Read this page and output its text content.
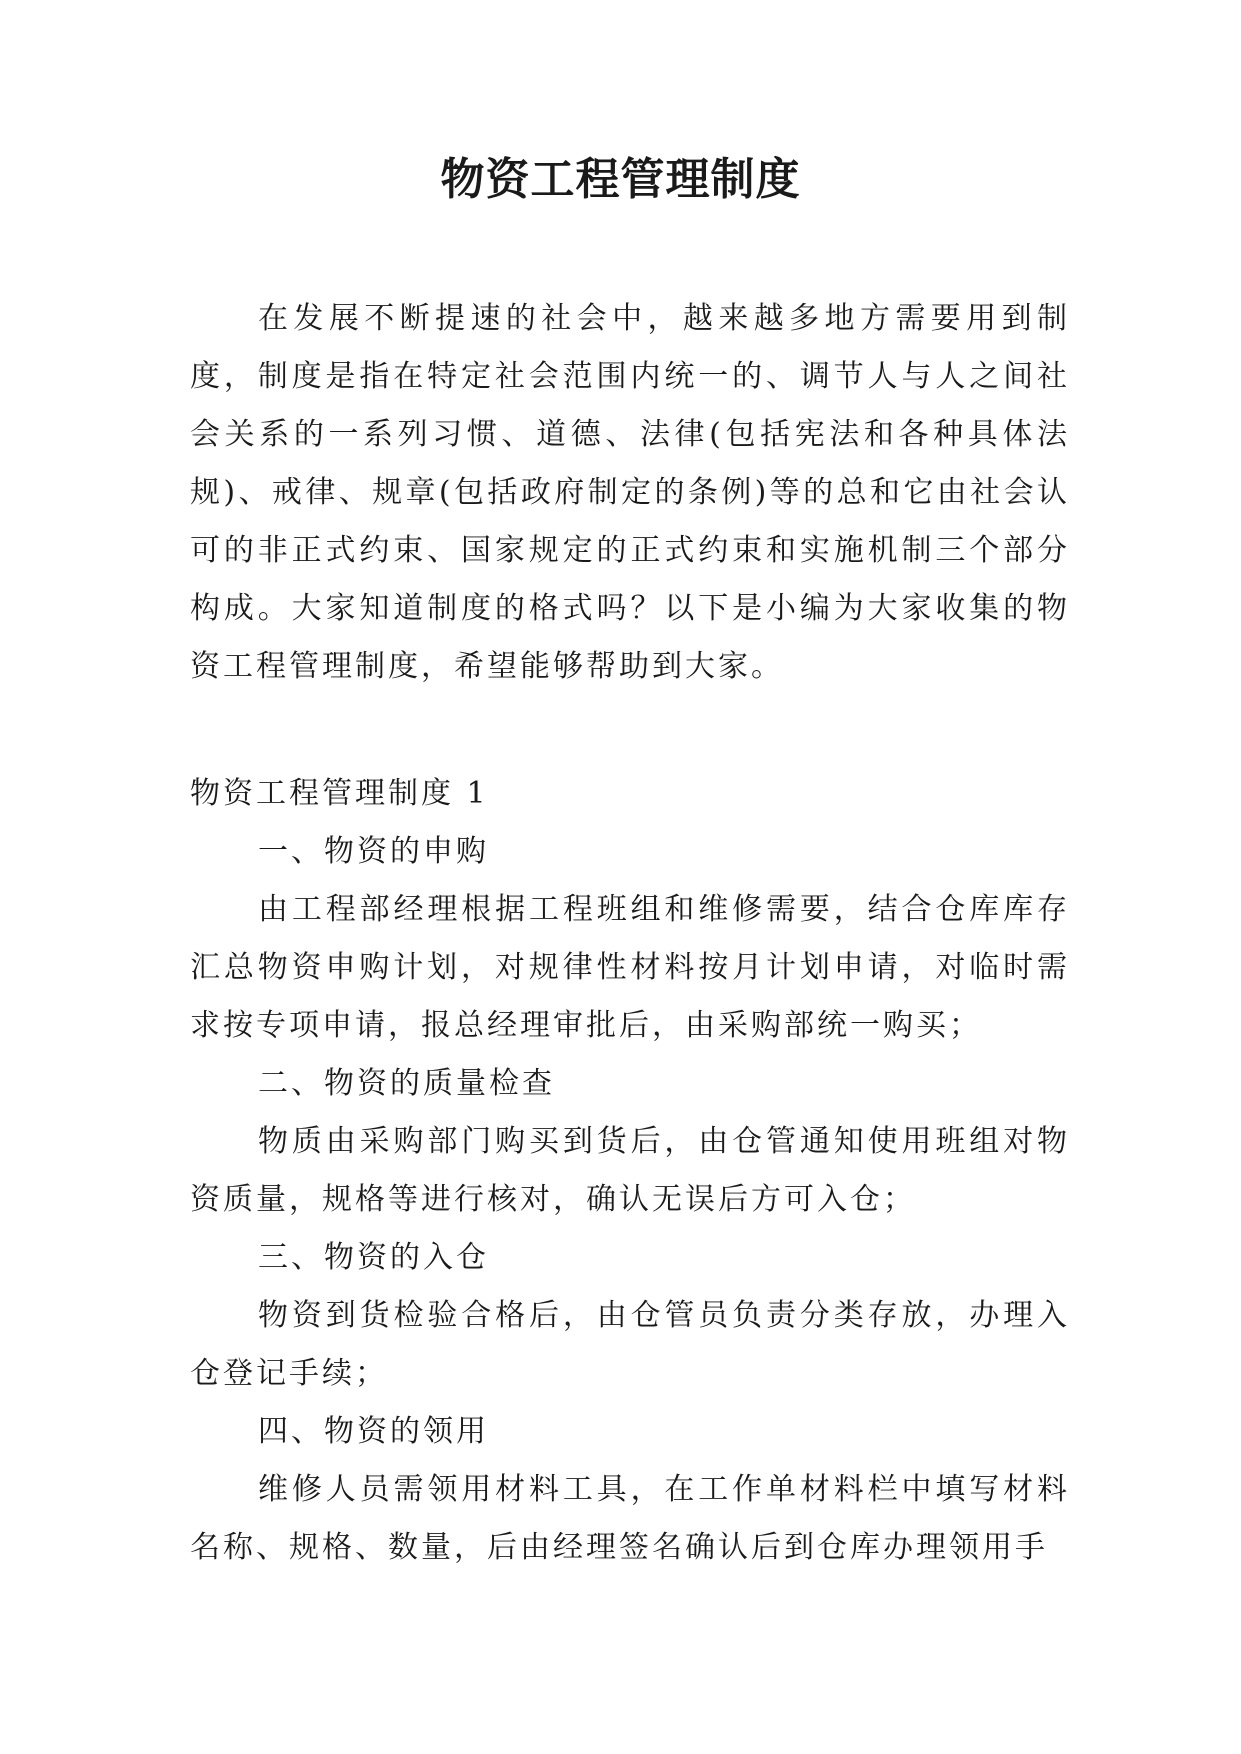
物资工程管理制度
在发展不断提速的社会中，越来越多地方需要用到制度，制度是指在特定社会范围内统一的、调节人与人之间社会关系的一系列习惯、道德、法律(包括宪法和各种具体法规)、戒律、规章(包括政府制定的条例)等的总和它由社会认可的非正式约束、国家规定的正式约束和实施机制三个部分构成。大家知道制度的格式吗？以下是小编为大家收集的物资工程管理制度，希望能够帮助到大家。

物资工程管理制度 1

一、物资的申购

由工程部经理根据工程班组和维修需要，结合仓库库存汇总物资申购计划，对规律性材料按月计划申请，对临时需求按专项申请，报总经理审批后，由采购部统一购买；

二、物资的质量检查

物质由采购部门购买到货后，由仓管通知使用班组对物资质量，规格等进行核对，确认无误后方可入仓；

三、物资的入仓

物资到货检验合格后，由仓管员负责分类存放，办理入仓登记手续；

四、物资的领用

维修人员需领用材料工具，在工作单材料栏中填写材料名称、规格、数量，后由经理签名确认后到仓库办理领用手
